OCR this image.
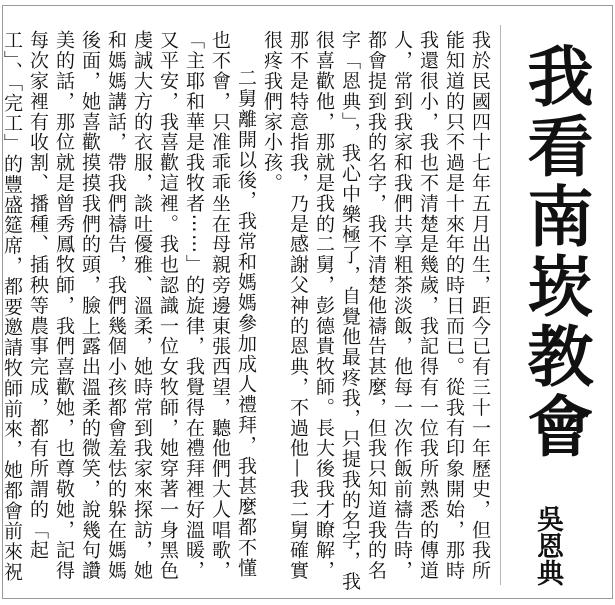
我看南崁教會
吳恩典

我於民國四十七年五月出生，距今已有三十一年歷史，但我所能知道的只不過是十來年的時日而已。從我有印象開始，那時我還很小，我也不清楚是幾歲，我記得有一位我所熟悉的傳道人，常到我家和我們共享粗茶淡飯，他每一次作飯前禱告時，都會提到我的名字，我不清楚他禱告甚麼，但我只知道我的名字「恩典」，我心中樂極了，自覺他最疼我，只提我的名字，我很喜歡他，那就是我的二舅，彭德貴牧師。長大後我才瞭解，那不是特意指我，乃是感謝父神的恩典，不過他—我二舅確實很疼我們家小孩。

二舅離開以後，我常和媽媽參加成人禮拜，我甚麼都不懂也不會，只准乖乖坐在母親旁邊東張西望，聽他們大人唱歌，「主耶和華是我牧者⋯⋯」的旋律，我覺得在禮拜裡好溫暖，又平安，我喜歡這裡。我也認識一位女牧師，她穿著一身黑色虔誠大方的衣服，談吐優雅、溫柔，她時常到我家來探訪，她和媽媽講話，帶我們禱告，我們幾個小孩都會羞怯的躲在媽媽後面，她喜歡摸摸我們的頭，臉上露出溫柔的微笑，說幾句讚美的話，那位就是曾秀鳳牧師，我們喜歡她，也尊敬她，記得每次家裡有收割、播種、插秧等農事完成，都有所謂的「起工」、「完工」的豐盛筵席，都要邀請牧師前來，她都會前來祝
